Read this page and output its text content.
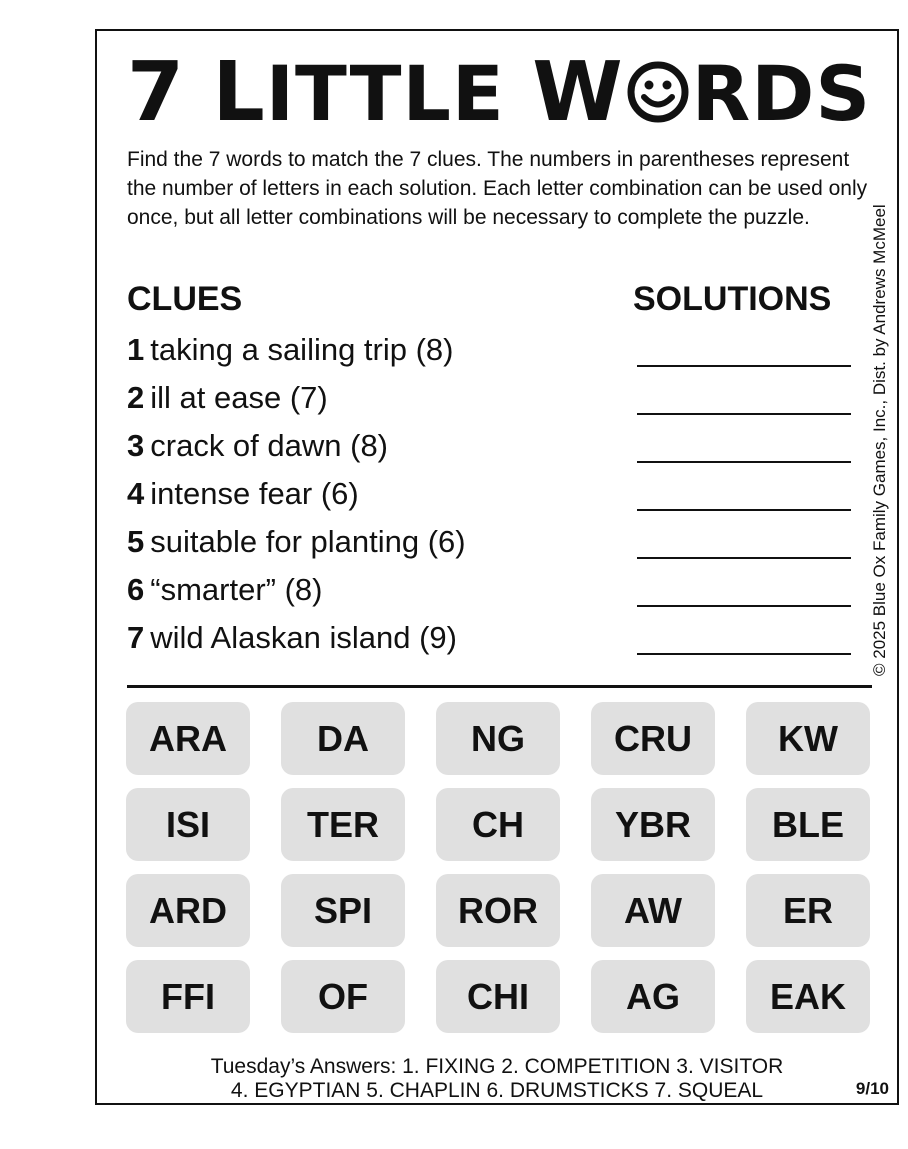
7 LITTLE W RDS
Find the 7 words to match the 7 clues. The numbers in parentheses represent the number of letters in each solution. Each letter combination can be used only once, but all letter combinations will be necessary to complete the puzzle.	© 2025 Blue Ox Family Games, Inc., Dist. by Andrews McMeel
CLUES	SOLUTIONS
1 taking a sailing trip (8)
2 ill at ease (7)
3 crack of dawn (8)
4 intense fear (6)
5 suitable for planting (6)
6 “smarter” (8)
7 wild Alaskan island (9)
ARA	DA	NG	CRU	KW
ISI	TER	CH	YBR	BLE
ARD	SPI	ROR	AW	ER
FFI	OF	CHI	AG	EAK
Tuesday’s Answers: 1. FIXING 2. COMPETITION 3. VISITOR
4. EGYPTIAN 5. CHAPLIN 6. DRUMSTICKS 7. SQUEAL	9/10
